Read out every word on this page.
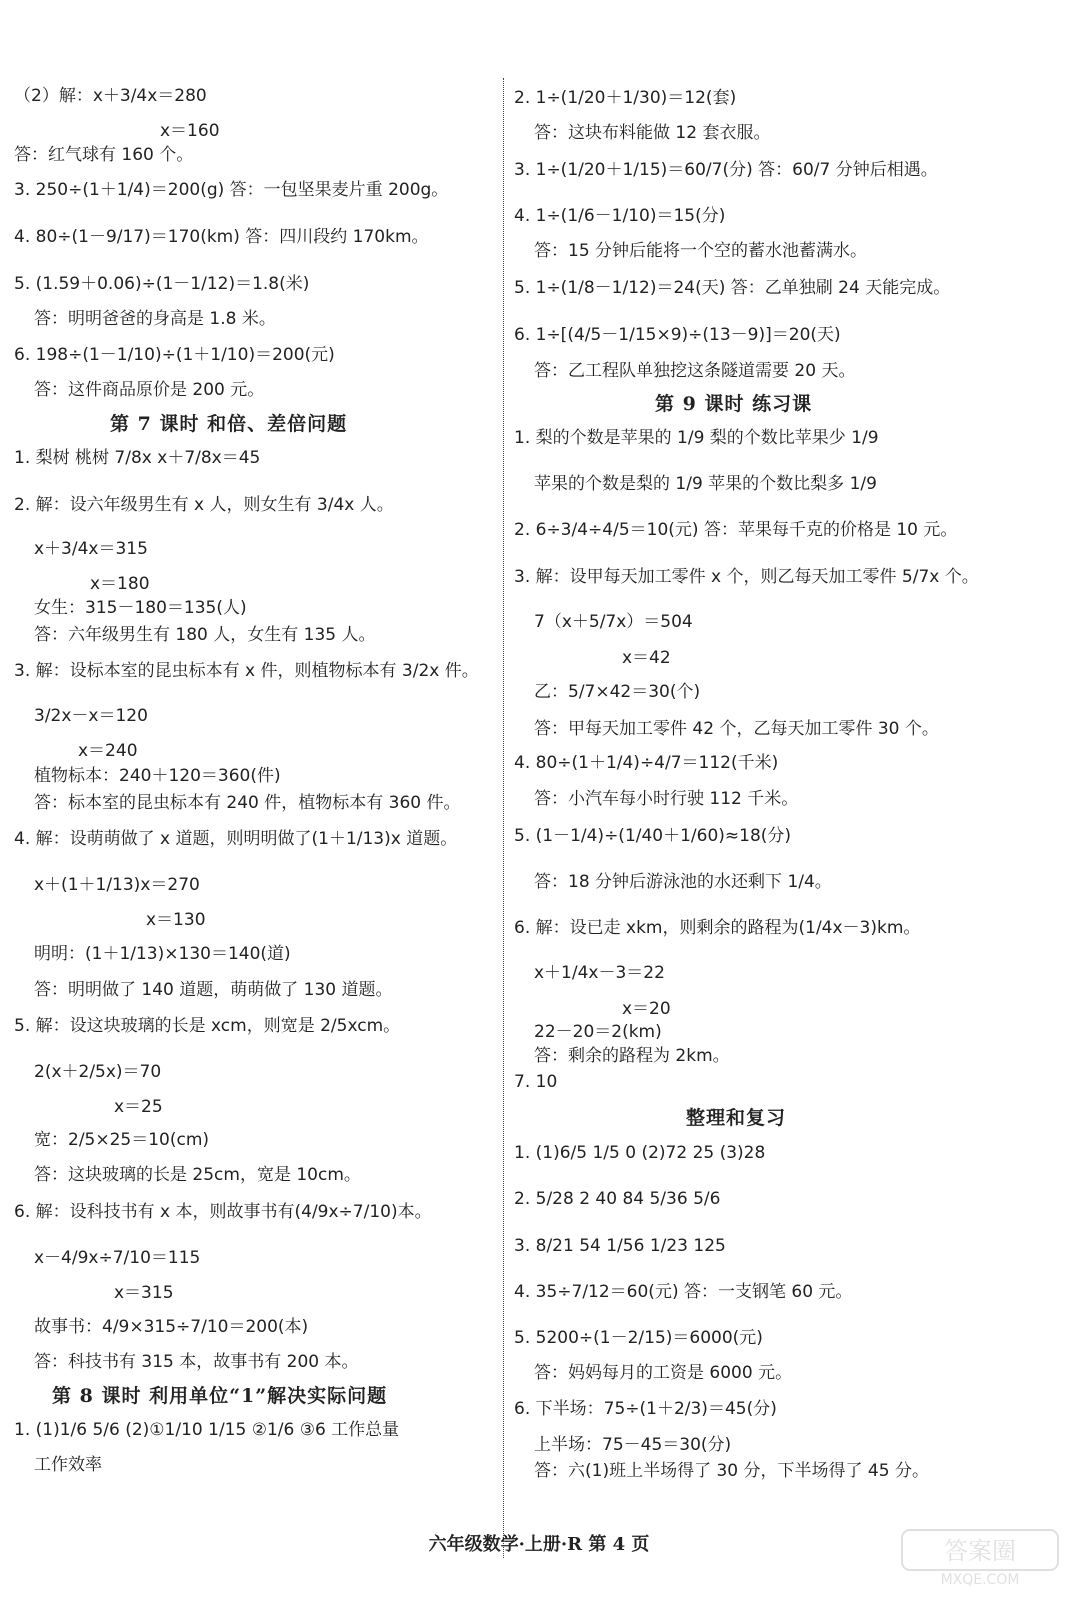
（2）解：x＋3/4x＝280
x＝160
答：红气球有 160 个。
3. 250÷(1＋1/4)＝200(g) 答：一包坚果麦片重 200g。
4. 80÷(1－9/17)＝170(km) 答：四川段约 170km。
5. (1.59＋0.06)÷(1－1/12)＝1.8(米)
答：明明爸爸的身高是 1.8 米。
6. 198÷(1－1/10)÷(1＋1/10)＝200(元)
答：这件商品原价是 200 元。
1. 梨树 桃树 7/8x x＋7/8x＝45
2. 解：设六年级男生有 x 人，则女生有 3/4x 人。
x＋3/4x＝315
x＝180
女生：315－180＝135(人)
答：六年级男生有 180 人，女生有 135 人。
3. 解：设标本室的昆虫标本有 x 件，则植物标本有 3/2x 件。
3/2x－x＝120
x＝240
植物标本：240＋120＝360(件)
答：标本室的昆虫标本有 240 件，植物标本有 360 件。
4. 解：设萌萌做了 x 道题，则明明做了(1＋1/13)x 道题。
x＋(1＋1/13)x＝270
x＝130
明明：(1＋1/13)×130＝140(道)
答：明明做了 140 道题，萌萌做了 130 道题。
5. 解：设这块玻璃的长是 xcm，则宽是 2/5xcm。
2(x＋2/5x)＝70
x＝25
宽：2/5×25＝10(cm)
答：这块玻璃的长是 25cm，宽是 10cm。
6. 解：设科技书有 x 本，则故事书有(4/9x÷7/10)本。
x－4/9x÷7/10＝115
x＝315
故事书：4/9×315÷7/10＝200(本)
答：科技书有 315 本，故事书有 200 本。
1. (1)1/6 5/6 (2)①1/10 1/15 ②1/6 ③6 工作总量
工作效率
2. 1÷(1/20＋1/30)＝12(套)
答：这块布料能做 12 套衣服。
3. 1÷(1/20＋1/15)＝60/7(分) 答：60/7 分钟后相遇。
4. 1÷(1/6－1/10)＝15(分)
答：15 分钟后能将一个空的蓄水池蓄满水。
5. 1÷(1/8－1/12)＝24(天) 答：乙单独刷 24 天能完成。
6. 1÷[(4/5－1/15×9)÷(13－9)]＝20(天)
答：乙工程队单独挖这条隧道需要 20 天。
1. 梨的个数是苹果的 1/9 梨的个数比苹果少 1/9
苹果的个数是梨的 1/9 苹果的个数比梨多 1/9
2. 6÷3/4÷4/5＝10(元) 答：苹果每千克的价格是 10 元。
3. 解：设甲每天加工零件 x 个，则乙每天加工零件 5/7x 个。
7（x＋5/7x）＝504
x＝42
乙：5/7×42＝30(个)
答：甲每天加工零件 42 个，乙每天加工零件 30 个。
4. 80÷(1＋1/4)÷4/7＝112(千米)
答：小汽车每小时行驶 112 千米。
5. (1－1/4)÷(1/40＋1/60)≈18(分)
答：18 分钟后游泳池的水还剩下 1/4。
6. 解：设已走 xkm，则剩余的路程为(1/4x－3)km。
x＋1/4x－3＝22
x＝20
22－20＝2(km)
答：剩余的路程为 2km。
7. 10
1. (1)6/5 1/5 0 (2)72 25 (3)28
2. 5/28 2 40 84 5/36 5/6
3. 8/21 54 1/56 1/23 125
4. 35÷7/12＝60(元) 答：一支钢笔 60 元。
5. 5200÷(1－2/15)＝6000(元)
答：妈妈每月的工资是 6000 元。
6. 下半场：75÷(1＋2/3)＝45(分)
上半场：75－45＝30(分)
答：六(1)班上半场得了 30 分，下半场得了 45 分。
第 7 课时 和倍、差倍问题
第 8 课时 利用单位“1”解决实际问题
第 9 课时 练习课
整理和复习
六年级数学·上册·R 第 4 页	答案圈
MXQE.COM
